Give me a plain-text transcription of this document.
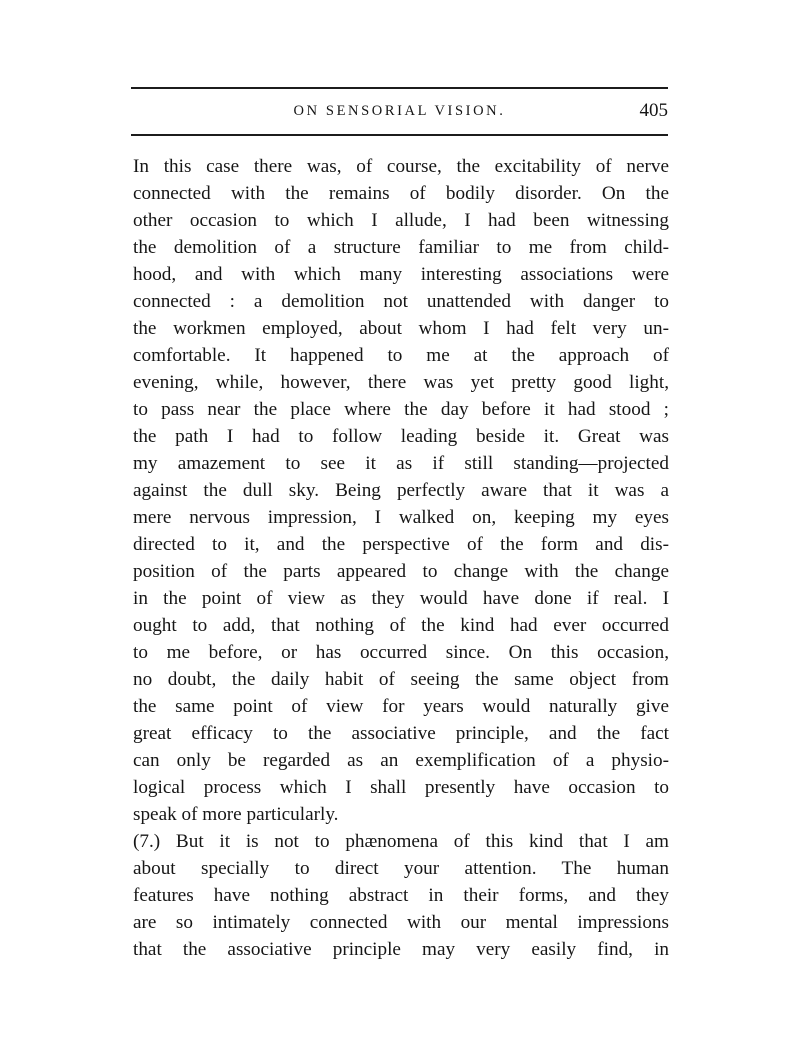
ON SENSORIAL VISION.	405
In this case there was, of course, the excitability of nerve
connected with the remains of bodily disorder. On the
other occasion to which I allude, I had been witnessing
the demolition of a structure familiar to me from child-
hood, and with which many interesting associations were
connected : a demolition not unattended with danger to
the workmen employed, about whom I had felt very un-
comfortable. It happened to me at the approach of
evening, while, however, there was yet pretty good light,
to pass near the place where the day before it had stood ;
the path I had to follow leading beside it. Great was
my amazement to see it as if still standing—projected
against the dull sky. Being perfectly aware that it was a
mere nervous impression, I walked on, keeping my eyes
directed to it, and the perspective of the form and dis-
position of the parts appeared to change with the change
in the point of view as they would have done if real. I
ought to add, that nothing of the kind had ever occurred
to me before, or has occurred since. On this occasion,
no doubt, the daily habit of seeing the same object from
the same point of view for years would naturally give
great efficacy to the associative principle, and the fact
can only be regarded as an exemplification of a physio-
logical process which I shall presently have occasion to
speak of more particularly.
(7.) But it is not to phænomena of this kind that I am
about specially to direct your attention. The human
features have nothing abstract in their forms, and they
are so intimately connected with our mental impressions
that the associative principle may very easily find, in
